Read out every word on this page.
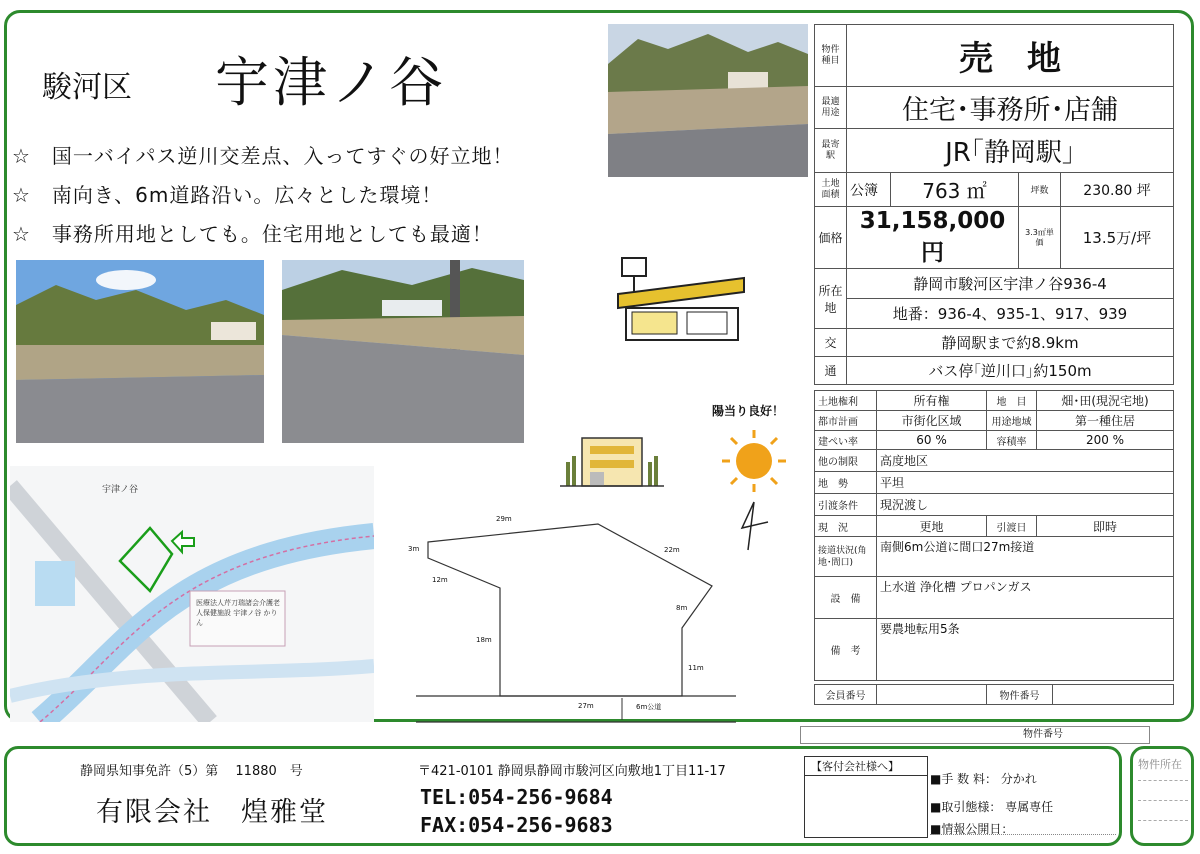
駿河区 宇津ノ谷
☆　国一バイパス逆川交差点、入ってすぐの好立地！
☆　南向き、6m道路沿い。広々とした環境！
☆　事務所用地としても。住宅用地としても最適！
宇津ノ谷
医療法人芹刀瑞諸会介護老人保健施設 宇津ノ谷 かりん
陽当り良好！
29m
3m
12m
18m
22m
8m
11m
27m	6m公道
物件種目	売　地			
最適用途	住宅･事務所･店舗			
最寄駅	JR｢静岡駅｣			
土地面積	公簿	763 ㎡	坪数	230.80 坪
価格	31,158,000円		3.3㎡単価	13.5万/坪
所在地	静岡市駿河区宇津ノ谷936-4
	地番：936-4、935-1、917、939
交	静岡駅まで約8.9km
通	バス停｢逆川口｣約150m
土地権利	所有権	地　目	畑･田(現況宅地)
都市計画	市街化区域	用途地域	第一種住居
建ぺい率	60 %	容積率	200 %
他の制限	高度地区		
地　勢	平坦		
引渡条件	現況渡し		
現　況	更地	引渡日	即時
接道状況(角地･間口)	南側6m公道に間口27m接道		
設　備	上水道 浄化槽 プロパンガス		
備　考	要農地転用5条		
会員番号		物件番号	
物件番号
静岡県知事免許（5）第　 11880　号
有限会社　煌雅堂
〒421-0101 静岡県静岡市駿河区向敷地1丁目11-17
TEL:054-256-9684
FAX:054-256-9683
【客付会社様へ】
■手 数 料： 分かれ
■取引態様： 専属専任
■情報公開日：
物件所在
